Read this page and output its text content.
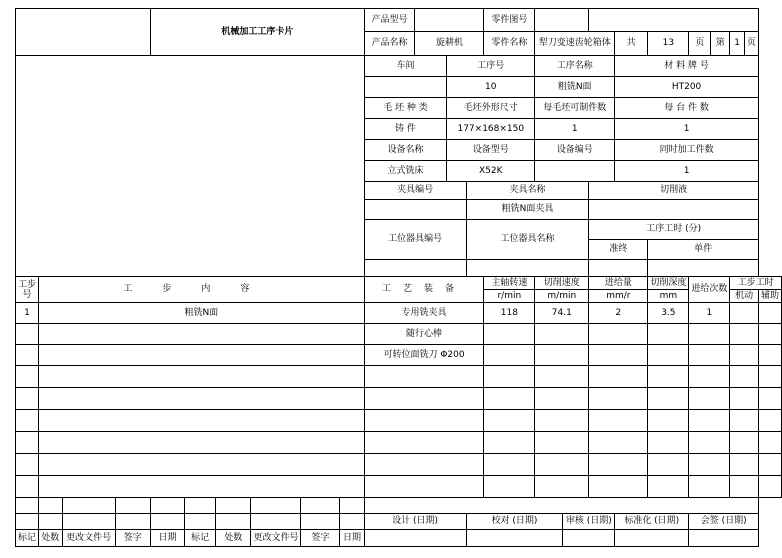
				机械加工工序卡片						产品型号				零件图号										
										产品名称	旋耕机			零件名称	犁刀变速齿轮箱体			共	13	页	第	1	页	
										车间		工序号			工序名称			材 料 牌 号						
												10			粗铣N面			HT200						
										毛 坯 种 类		毛坯外形尺寸			每毛坯可制件数			每 台 件 数						
										铸 件		177×168×150			1			1						
										设备名称		设备型号			设备编号			同时加工件数						
										立式铣床		X52K						1						
										夹具编号			夹具名称				切削液							
													粗铣N面夹具											
										工位器具编号			工位器具名称				工序工时 (分)							
																	准终		单件					

工步号	工步内容									工艺装备				主轴转速	切削速度		进给量		切削深度	进给次数		工步工时		
														r/min	m/min		mm/r		mm			机动		辅助
1	粗铣N面									专用铣夹具				118	74.1		2		3.5	1				
										随行心棒														
										可转位面铣刀 Φ200														

										设计 (日期)			校对 (日期)			审核 (日期)		标准化 (日期)		会签 (日期)				
标记	处数	更改文件号	签字	日期	标记	处数	更改文件号	签字	日期															
